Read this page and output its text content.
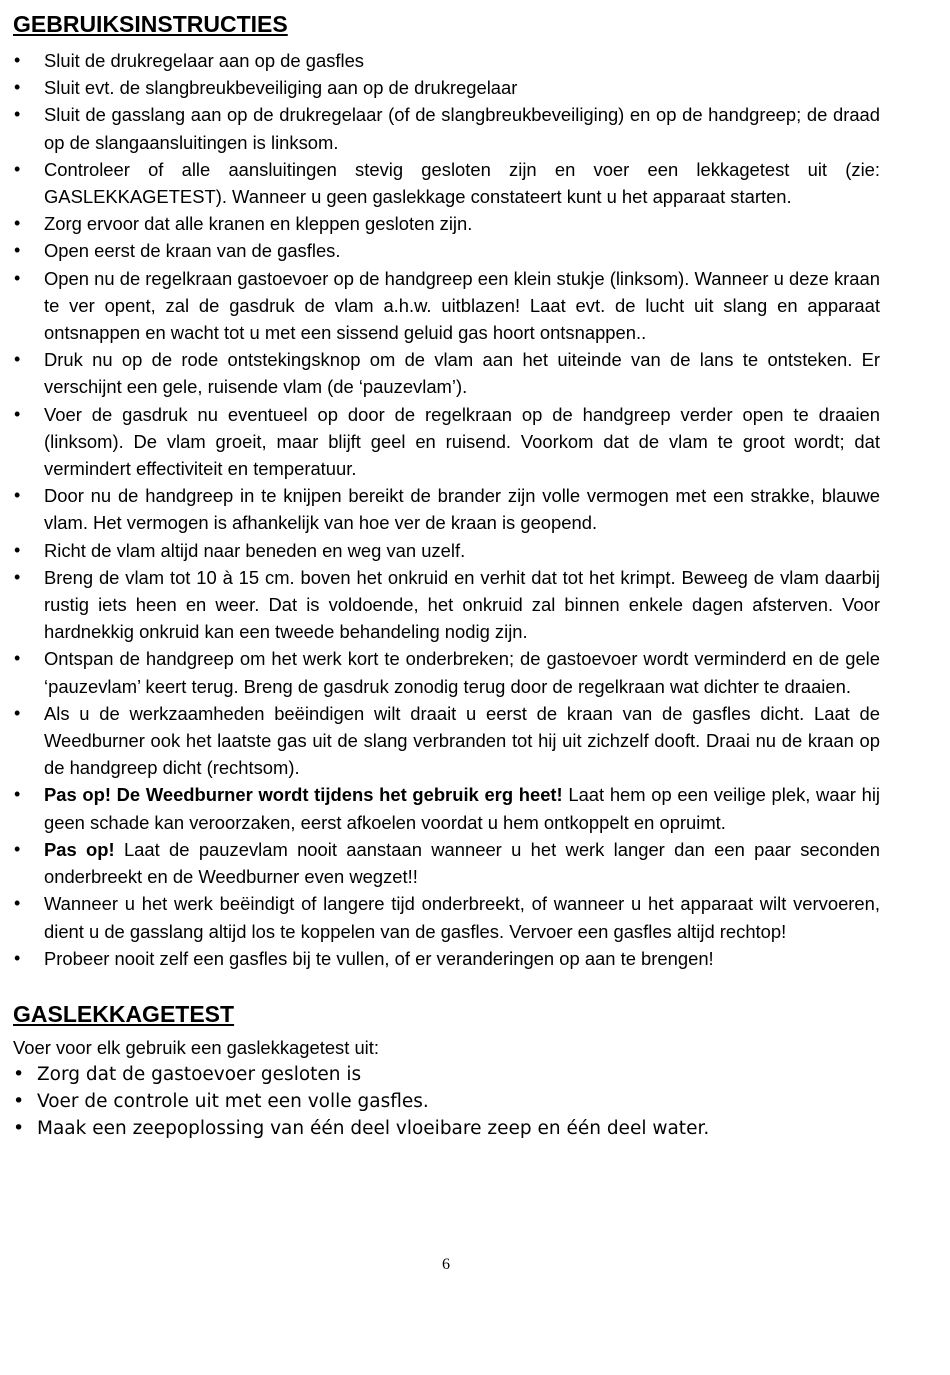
GEBRUIKSINSTRUCTIES
• Sluit de drukregelaar aan op de gasfles
• Sluit evt. de slangbreukbeveiliging aan op de drukregelaar
• Sluit de gasslang aan op de drukregelaar (of de slangbreukbeveiliging) en op de handgreep; de draad op de slangaansluitingen is linksom.
• Controleer of alle aansluitingen stevig gesloten zijn en voer een lekkagetest uit (zie: GASLEKKAGETEST). Wanneer u geen gaslekkage constateert kunt u het apparaat starten.
• Zorg ervoor dat alle kranen en kleppen gesloten zijn.
• Open eerst de kraan van de gasfles.
• Open nu de regelkraan gastoevoer op de handgreep een klein stukje (linksom). Wanneer u deze kraan te ver opent, zal de gasdruk de vlam a.h.w. uitblazen! Laat evt. de lucht uit slang en apparaat ontsnappen en wacht tot u met een sissend geluid gas hoort ontsnappen..
• Druk nu op de rode ontstekingsknop om de vlam aan het uiteinde van de lans te ontsteken. Er verschijnt een gele, ruisende vlam (de ‘pauzevlam’).
• Voer de gasdruk nu eventueel op door de regelkraan op de handgreep verder open te draaien (linksom). De vlam groeit, maar blijft geel en ruisend. Voorkom dat de vlam te groot wordt; dat vermindert effectiviteit en temperatuur.
• Door nu de handgreep in te knijpen bereikt de brander zijn volle vermogen met een strakke, blauwe vlam. Het vermogen is afhankelijk van hoe ver de kraan is geopend.
• Richt de vlam altijd naar beneden en weg van uzelf.
• Breng de vlam tot 10 à 15 cm. boven het onkruid en verhit dat tot het krimpt. Beweeg de vlam daarbij rustig iets heen en weer. Dat is voldoende, het onkruid zal binnen enkele dagen afsterven. Voor hardnekkig onkruid kan een tweede behandeling nodig zijn.
• Ontspan de handgreep om het werk kort te onderbreken; de gastoevoer wordt verminderd en de gele ‘pauzevlam’ keert terug. Breng de gasdruk zonodig terug door de regelkraan wat dichter te draaien.
• Als u de werkzaamheden beëindigen wilt draait u eerst de kraan van de gasfles dicht. Laat de Weedburner ook het laatste gas uit de slang verbranden tot hij uit zichzelf dooft. Draai nu de kraan op de handgreep dicht (rechtsom).
• Pas op! De Weedburner wordt tijdens het gebruik erg heet! Laat hem op een veilige plek, waar hij geen schade kan veroorzaken, eerst afkoelen voordat u hem ontkoppelt en opruimt.
• Pas op! Laat de pauzevlam nooit aanstaan wanneer u het werk langer dan een paar seconden onderbreekt en de Weedburner even wegzet!!
• Wanneer u het werk beëindigt of langere tijd onderbreekt, of wanneer u het apparaat wilt vervoeren, dient u de gasslang altijd los te koppelen van de gasfles. Vervoer een gasfles altijd rechtop!
• Probeer nooit zelf een gasfles bij te vullen, of er veranderingen op aan te brengen!
GASLEKKAGETEST

Voer voor elk gebruik een gaslekkagetest uit:

• Zorg dat de gastoevoer gesloten is
• Voer de controle uit met een volle gasfles.
• Maak een zeepoplossing van één deel vloeibare zeep en één deel water.
6
